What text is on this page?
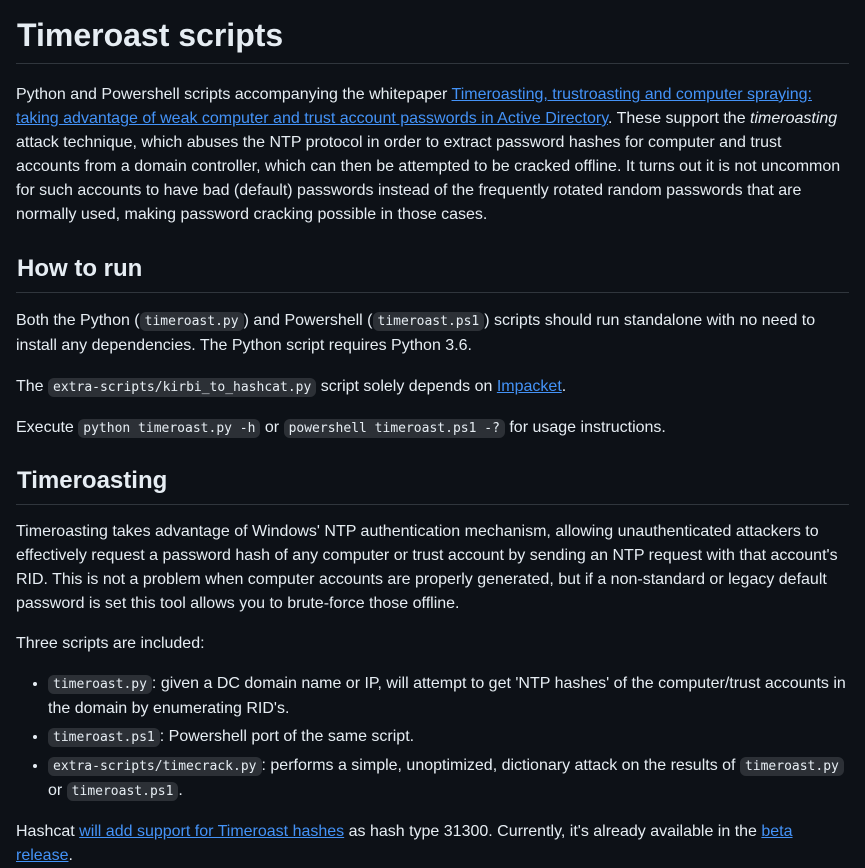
Timeroast scripts

Python and Powershell scripts accompanying the whitepaper Timeroasting, trustroasting and computer spraying: taking advantage of weak computer and trust account passwords in Active Directory. These support the timeroasting attack technique, which abuses the NTP protocol in order to extract password hashes for computer and trust accounts from a domain controller, which can then be attempted to be cracked offline. It turns out it is not uncommon for such accounts to have bad (default) passwords instead of the frequently rotated random passwords that are normally used, making password cracking possible in those cases.

How to run

Both the Python ( timeroast.py ) and Powershell ( timeroast.ps1 ) scripts should run standalone with no need to install any dependencies. The Python script requires Python 3.6.

The extra-scripts/kirbi_to_hashcat.py script solely depends on Impacket.

Execute python timeroast.py -h or powershell timeroast.ps1 -? for usage instructions.

Timeroasting

Timeroasting takes advantage of Windows' NTP authentication mechanism, allowing unauthenticated attackers to effectively request a password hash of any computer or trust account by sending an NTP request with that account's RID. This is not a problem when computer accounts are properly generated, but if a non-standard or legacy default password is set this tool allows you to brute-force those offline.

Three scripts are included:

• timeroast.py : given a DC domain name or IP, will attempt to get 'NTP hashes' of the computer/trust accounts in the domain by enumerating RID's.
• timeroast.ps1 : Powershell port of the same script.
• extra-scripts/timecrack.py : performs a simple, unoptimized, dictionary attack on the results of timeroast.py or timeroast.ps1 .

Hashcat will add support for Timeroast hashes as hash type 31300. Currently, it's already available in the beta release.
